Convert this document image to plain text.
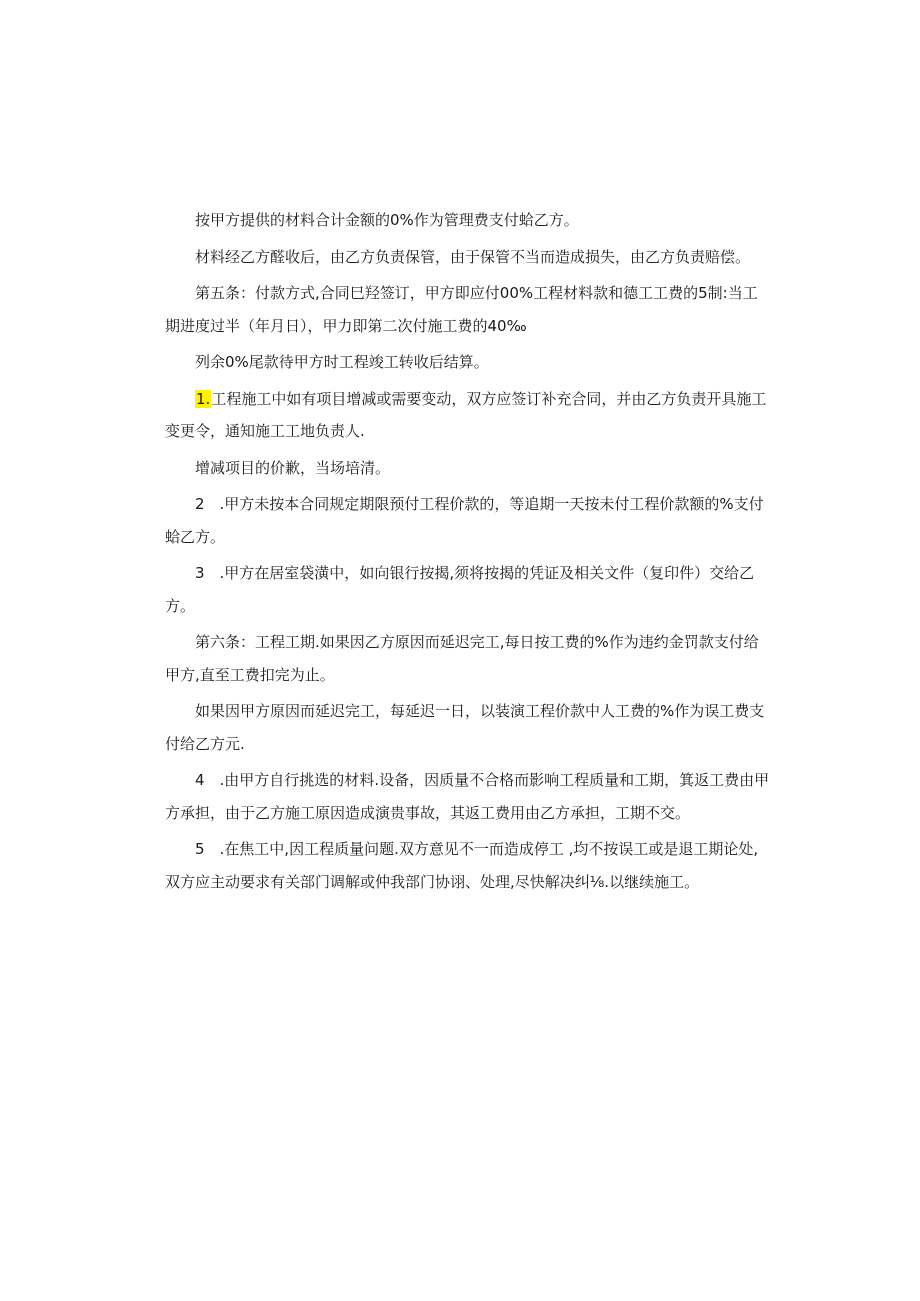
按甲方提供的材料合计金额的0%作为管理费支付蛤乙方。

材料经乙方醛收后，由乙方负责保管，由于保管不当而造成损失，由乙方负责赔偿。

第五条：付款方式,合同巳羟签订，甲方即应付00%工程材料款和德工工费的5制:当工期进度过半（年月日），甲力即第二次付施工费的40‰

列余0%尾款待甲方时工程竣工转收后结算。

1.工程施工中如有项目增减或需要变动，双方应签订补充合同，并由乙方负责开具施工变更令，通知施工工地负责人.

增减项目的价歉，当场培清。

2　.甲方未按本合同规定期限预付工程价款的，等追期一天按未付工程价款额的%支付蛤乙方。

3　.甲方在居室袋潢中，如向银行按揭,须将按揭的凭证及相关文件（复印件）交给乙方。

第六条：工程工期.如果因乙方原因而延迟完工,每日按工费的%作为违约金罚款支付给甲方,直至工费扣完为止。

如果因甲方原因而延迟完工，每延迟一日，以装演工程价款中人工费的%作为误工费支付给乙方元.

4　.由甲方自行挑选的材料.设备，因质量不合格而影响工程质量和工期，箕返工费由甲方承担，由于乙方施工原因造成演贵事故，其返工费用由乙方承担，工期不交。

5　.在焦工中,因工程质量问题.双方意见不一而造成停工 ,均不按误工或是退工期论处,双方应主动要求有关部门调解或仲我部门协诩、处理,尽快解决纠⅛.以继续施工。
